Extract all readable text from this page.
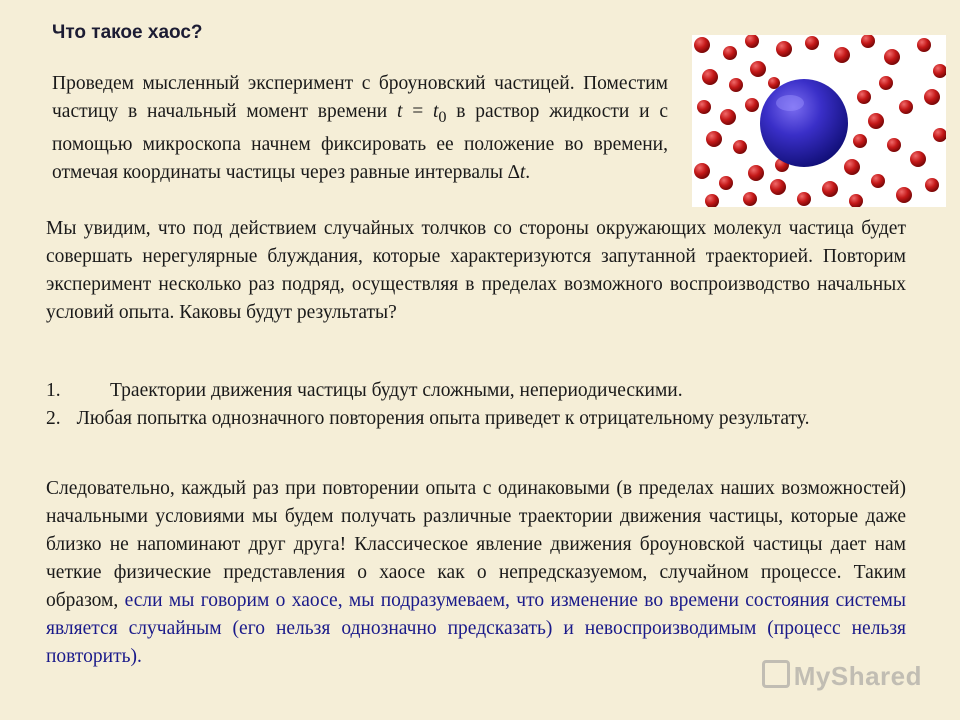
Что такое хаос?

Проведем мысленный эксперимент с броуновский частицей. Поместим частицу в начальный момент времени $t = t_0$ в раствор жидкости и с помощью микроскопа начнем фиксировать ее положение во времени, отмечая координаты частицы через равные интервалы ∆t.

Мы увидим, что под действием случайных толчков со стороны окружающих молекул частица будет совершать нерегулярные блуждания, которые характеризуются запутанной траекторией. Повторим эксперимент несколько раз подряд, осуществляя в пределах возможного воспроизводство начальных условий опыта. Каковы будут результаты?

1.	Траектории движения частицы будут сложными, непериодическими.
2. Любая попытка однозначного повторения опыта приведет к отрицательному результату.

Следовательно, каждый раз при повторении опыта с одинаковыми (в пределах наших возможностей) начальными условиями мы будем получать различные траектории движения частицы, которые даже близко не напоминают друг друга! Классическое явление движения броуновской частицы дает нам четкие физические представления о хаосе как о непредсказуемом, случайном процессе. Таким образом, если мы говорим о хаосе, мы подразумеваем, что изменение во времени состояния системы является случайным (его нельзя однозначно предсказать) и невоспроизводимым (процесс нельзя повторить).

MyShared
